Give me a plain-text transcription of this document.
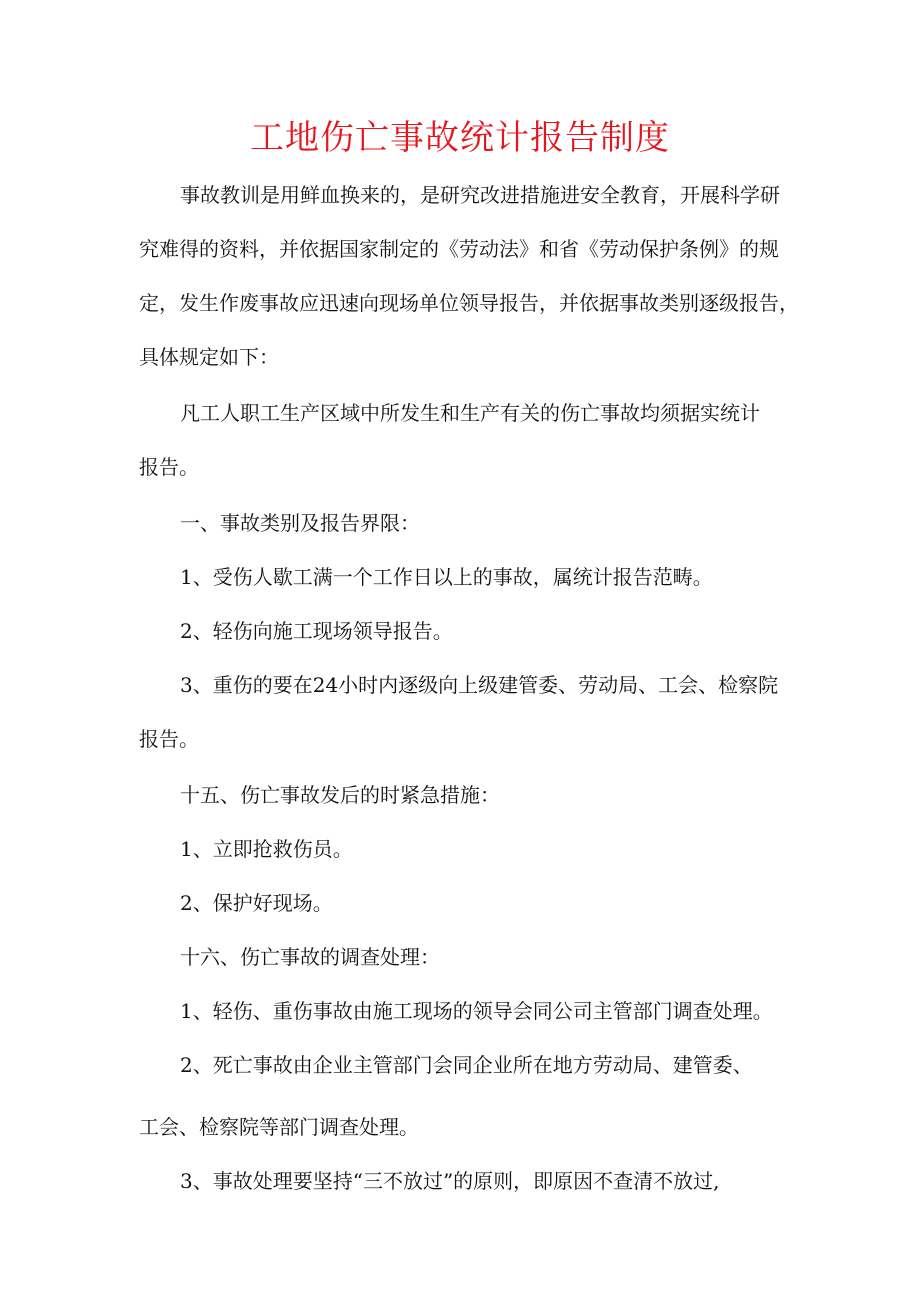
工地伤亡事故统计报告制度
事故教训是用鲜血换来的，是研究改进措施进安全教育，开展科学研
究难得的资料，并依据国家制定的《劳动法》和省《劳动保护条例》的规
定，发生作废事故应迅速向现场单位领导报告，并依据事故类别逐级报告，
具体规定如下：
凡工人职工生产区域中所发生和生产有关的伤亡事故均须据实统计
报告。
一、事故类别及报告界限：
1、受伤人歇工满一个工作日以上的事故，属统计报告范畴。
2、轻伤向施工现场领导报告。
3、重伤的要在24小时内逐级向上级建管委、劳动局、工会、检察院
报告。
十五、伤亡事故发后的时紧急措施：
1、立即抢救伤员。
2、保护好现场。
十六、伤亡事故的调查处理：
1、轻伤、重伤事故由施工现场的领导会同公司主管部门调查处理。
2、死亡事故由企业主管部门会同企业所在地方劳动局、建管委、
工会、检察院等部门调查处理。
3、事故处理要坚持“三不放过”的原则，即原因不查清不放过,
